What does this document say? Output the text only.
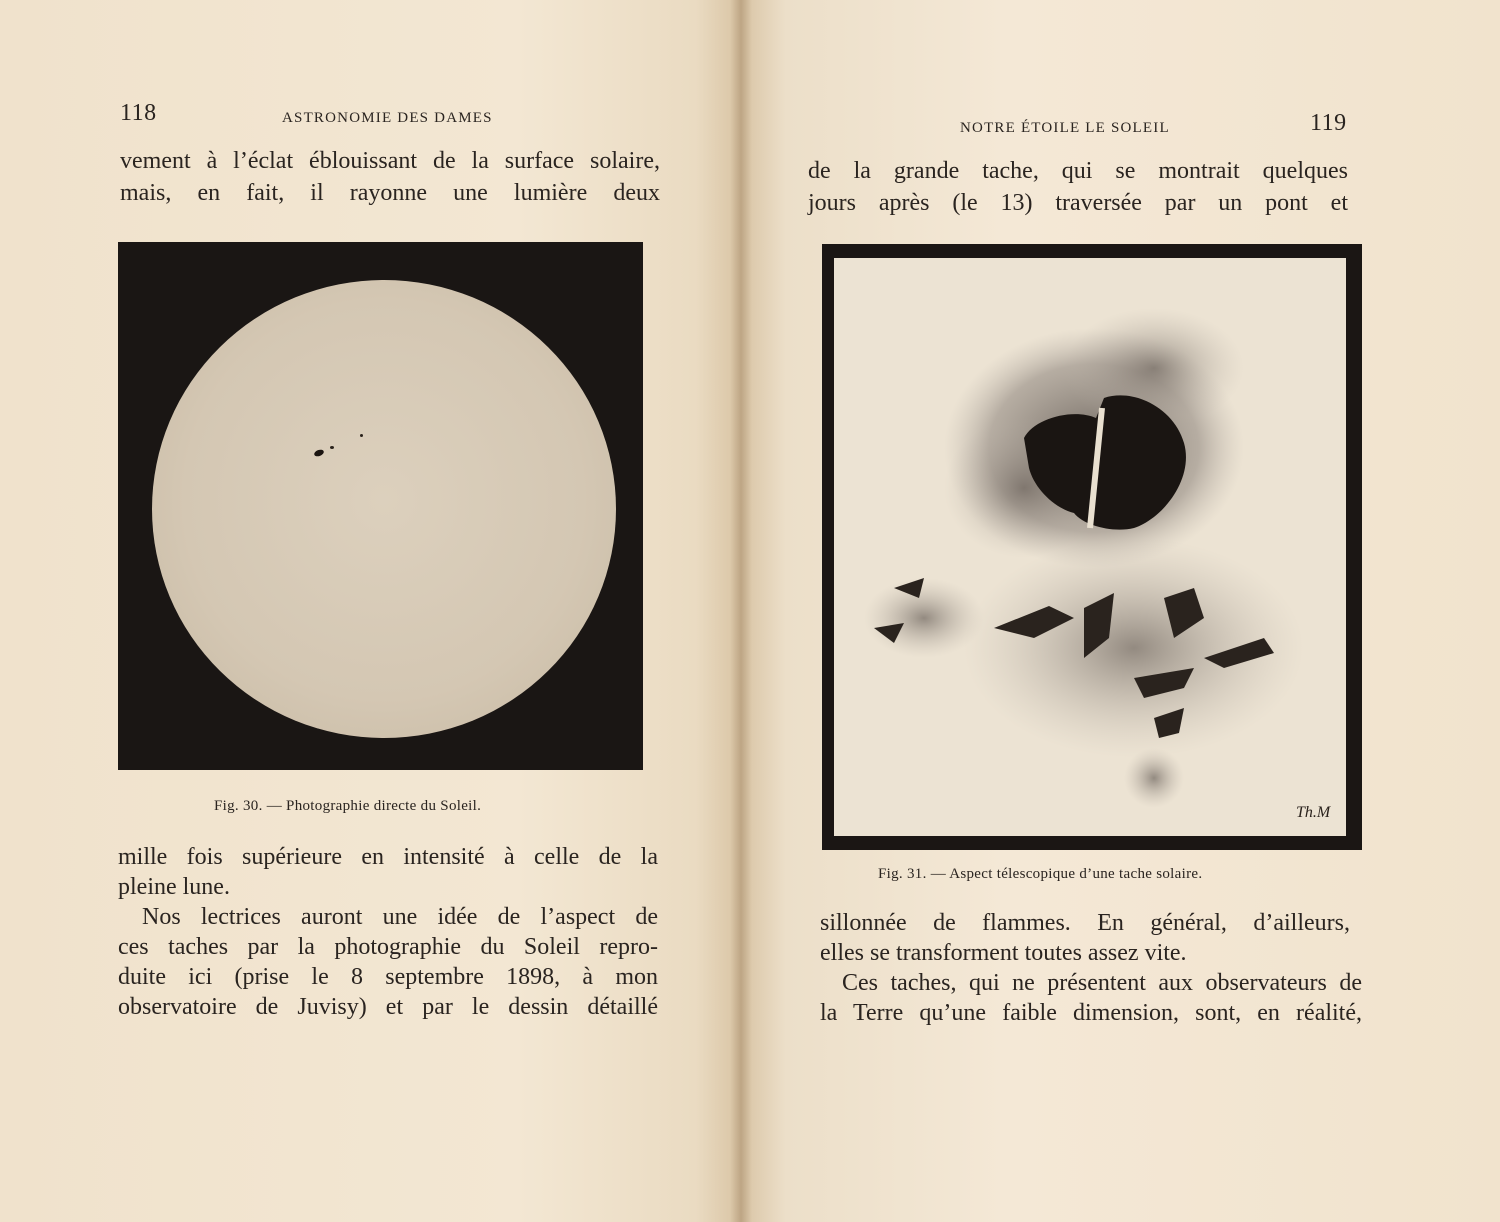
118	ASTRONOMIE DES DAMES
vement à l’éclat éblouissant de la surface solaire,
mais, en fait, il rayonne une lumière deux
Fig. 30. — Photographie directe du Soleil.
mille fois supérieure en intensité à celle de la
pleine lune.
Nos lectrices auront une idée de l’aspect de
ces taches par la photographie du Soleil repro-
duite ici (prise le 8 septembre 1898, à mon
observatoire de Juvisy) et par le dessin détaillé
NOTRE ÉTOILE LE SOLEIL	119
de la grande tache, qui se montrait quelques
jours après (le 13) traversée par un pont et
Th.M
Fig. 31. — Aspect télescopique d’une tache solaire.
sillonnée de flammes. En général, d’ailleurs,
elles se transforment toutes assez vite.
Ces taches, qui ne présentent aux observateurs de
la Terre qu’une faible dimension, sont, en réalité,
